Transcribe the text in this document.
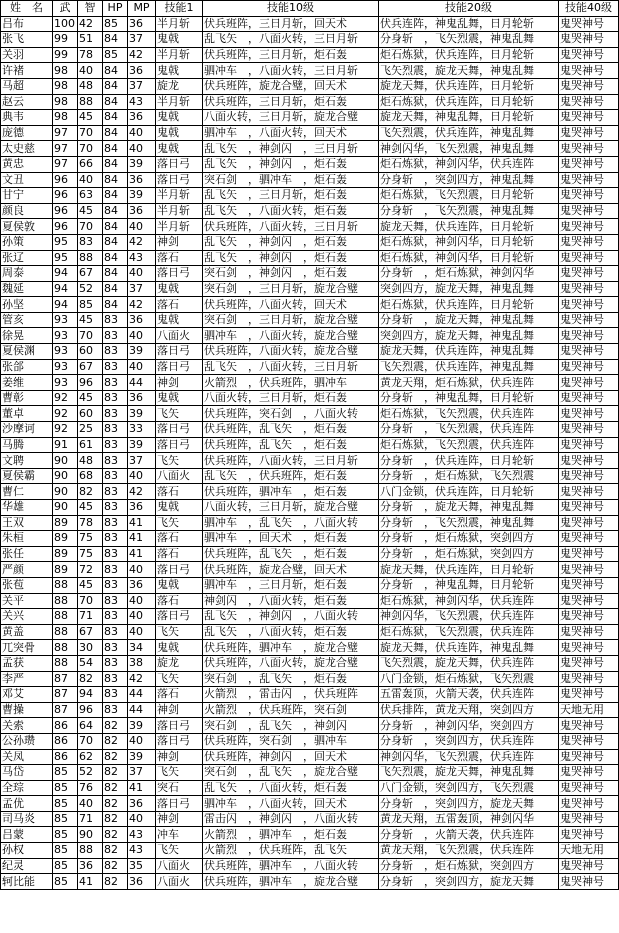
姓　名	武	智	HP	MP	技能1	技能10级	技能20级	技能40级
吕布	100	42	85	36	半月斩	伏兵班阵，三日月斩，回天术	伏兵连阵，神鬼乱舞，日月轮斩	鬼哭神号
张飞	99	51	84	37	鬼戟	乱飞矢　，八面火转，三日月斩	分身斩　，飞矢烈震，神鬼乱舞	鬼哭神号
关羽	99	78	85	42	半月斩	伏兵班阵，三日月斩，炬石轰	炬石炼狱，伏兵连阵，日月轮斩	鬼哭神号
许褚	98	40	84	36	鬼戟	驷冲车　，八面火转，三日月斩	飞矢烈震，旋龙天舞，神鬼乱舞	鬼哭神号
马超	98	48	84	37	旋龙	伏兵班阵，旋龙合璧，回天术	旋龙天舞，伏兵连阵，日月轮斩	鬼哭神号
赵云	98	88	84	43	半月斩	伏兵班阵，三日月斩，炬石轰	炬石炼狱，伏兵连阵，日月轮斩	鬼哭神号
典韦	98	45	84	36	鬼戟	八面火转，三日月斩，旋龙合璧	旋龙天舞，神鬼乱舞，日月轮斩	鬼哭神号
庞德	97	70	84	40	鬼戟	驷冲车　，八面火转，回天术	飞矢烈震，伏兵连阵，神鬼乱舞	鬼哭神号
太史慈	97	70	84	40	鬼戟	乱飞矢　，神剑闪　，三日月斩	神剑闪华，飞矢烈震，神鬼乱舞	鬼哭神号
黄忠	97	66	84	39	落日弓	乱飞矢　，神剑闪　，炬石轰	炬石炼狱，神剑闪华，伏兵连阵	鬼哭神号
文丑	96	40	84	36	落日弓	突石剑　，驷冲车　，炬石轰	分身斩　，突剑四方，神鬼乱舞	鬼哭神号
甘宁	96	63	84	39	半月斩	乱飞矢　，三日月斩，炬石轰	炬石炼狱，飞矢烈震，日月轮斩	鬼哭神号
颜良	96	45	84	36	半月斩	乱飞矢　，八面火转，炬石轰	分身斩　，飞矢烈震，神鬼乱舞	鬼哭神号
夏侯敦	96	70	84	40	半月斩	伏兵班阵，八面火转，三日月斩	旋龙天舞，伏兵连阵，日月轮斩	鬼哭神号
孙策	95	83	84	42	神剑	乱飞矢　，神剑闪　，炬石轰	炬石炼狱，神剑闪华，日月轮斩	鬼哭神号
张辽	95	88	84	43	落石	乱飞矢　，神剑闪　，炬石轰	炬石炼狱，神剑闪华，日月轮斩	鬼哭神号
周泰	94	67	84	40	落日弓	突石剑　，神剑闪　，炬石轰	分身斩　，炬石炼狱，神剑闪华	鬼哭神号
魏延	94	52	84	37	鬼戟	突石剑　，三日月斩，旋龙合璧	突剑四方，旋龙天舞，神鬼乱舞	鬼哭神号
孙坚	94	85	84	42	落石	伏兵班阵，八面火转，回天术	炬石炼狱，伏兵连阵，日月轮斩	鬼哭神号
管亥	93	45	83	36	鬼戟	突石剑　，三日月斩，旋龙合璧	分身斩　，旋龙天舞，神鬼乱舞	鬼哭神号
徐晃	93	70	83	40	八面火	驷冲车　，八面火转，旋龙合璧	突剑四方，旋龙天舞，神鬼乱舞	鬼哭神号
夏侯渊	93	60	83	39	落日弓	伏兵班阵，八面火转，旋龙合璧	旋龙天舞，伏兵连阵，神鬼乱舞	鬼哭神号
张郃	93	67	83	40	落日弓	乱飞矢　，八面火转，三日月斩	飞矢烈震，伏兵连阵，神鬼乱舞	鬼哭神号
姜维	93	96	83	44	神剑	火箭烈　，伏兵班阵，驷冲车	黄龙天翔，炬石炼狱，伏兵连阵	鬼哭神号
曹彰	92	45	83	36	鬼戟	八面火转，三日月斩，炬石轰	分身斩　，神鬼乱舞，日月轮斩	鬼哭神号
董卓	92	60	83	39	飞矢	伏兵班阵，突石剑　，八面火转	炬石炼狱，飞矢烈震，伏兵连阵	鬼哭神号
沙摩诃	92	25	83	33	落日弓	伏兵班阵，乱飞矢　，炬石轰	分身斩　，飞矢烈震，伏兵连阵	鬼哭神号
马腾	91	61	83	39	落日弓	伏兵班阵，乱飞矢　，炬石轰	炬石炼狱，飞矢烈震，伏兵连阵	鬼哭神号
文聘	90	48	83	37	飞矢	伏兵班阵，八面火转，三日月斩	分身斩　，伏兵连阵，日月轮斩	鬼哭神号
夏侯霸	90	68	83	40	八面火	乱飞矢　，伏兵班阵，炬石轰	分身斩　，炬石炼狱，飞矢烈震	鬼哭神号
曹仁	90	82	83	42	落石	伏兵班阵，驷冲车　，炬石轰	八门金锁，伏兵连阵，日月轮斩	鬼哭神号
华雄	90	45	83	36	鬼戟	八面火转，三日月斩，旋龙合璧	分身斩　，旋龙天舞，神鬼乱舞	鬼哭神号
王双	89	78	83	41	飞矢	驷冲车　，乱飞矢　，八面火转	分身斩　，飞矢烈震，神鬼乱舞	鬼哭神号
朱桓	89	75	83	41	落石	驷冲车　，回天术　，炬石轰	分身斩　，炬石炼狱，突剑四方	鬼哭神号
张任	89	75	83	41	落石	伏兵班阵，乱飞矢　，炬石轰	分身斩　，炬石炼狱，突剑四方	鬼哭神号
严颜	89	72	83	40	落日弓	伏兵班阵，旋龙合璧，回天术	旋龙天舞，伏兵连阵，日月轮斩	鬼哭神号
张苞	88	45	83	36	鬼戟	驷冲车　，三日月斩，炬石轰	分身斩　，神鬼乱舞，日月轮斩	鬼哭神号
关平	88	70	83	40	落石	神剑闪　，八面火转，炬石轰	炬石炼狱，神剑闪华，伏兵连阵	鬼哭神号
关兴	88	71	83	40	落日弓	乱飞矢　，神剑闪　，八面火转	神剑闪华，飞矢烈震，伏兵连阵	鬼哭神号
黄盖	88	67	83	40	飞矢	乱飞矢　，八面火转，炬石轰	炬石炼狱，飞矢烈震，伏兵连阵	鬼哭神号
兀突骨	88	30	83	34	鬼戟	伏兵班阵，驷冲车　，旋龙合璧	旋龙天舞，伏兵连阵，神鬼乱舞	鬼哭神号
孟获	88	54	83	38	旋龙	伏兵班阵，八面火转，旋龙合璧	飞矢烈震，旋龙天舞，伏兵连阵	鬼哭神号
李严	87	82	83	42	飞矢	突石剑　，乱飞矢　，炬石轰	八门金锁，炬石炼狱，飞矢烈震	鬼哭神号
邓艾	87	94	83	44	落石	火箭烈　，雷击闪　，伏兵班阵	五雷轰顶，火箭天袭，伏兵连阵	鬼哭神号
曹操	87	96	83	44	神剑	火箭烈　，伏兵班阵，突石剑	伏兵排阵，黄龙天翔，突剑四方	天地无用
关索	86	64	82	39	落日弓	突石剑　，乱飞矢　，神剑闪	分身斩　，神剑闪华，突剑四方	鬼哭神号
公孙瓒	86	70	82	40	落日弓	伏兵班阵，突石剑　，驷冲车	分身斩　，突剑四方，伏兵连阵	鬼哭神号
关凤	86	62	82	39	神剑	伏兵班阵，神剑闪　，回天术	神剑闪华，飞矢烈震，伏兵连阵	鬼哭神号
马岱	85	52	82	37	飞矢	突石剑　，乱飞矢　，旋龙合璧	飞矢烈震，旋龙天舞，神鬼乱舞	鬼哭神号
全琮	85	76	82	41	突石	乱飞矢　，八面火转，炬石轰	八门金锁，突剑四方，飞矢烈震	鬼哭神号
孟优	85	40	82	36	落日弓	驷冲车　，八面火转，回天术	分身斩　，突剑四方，旋龙天舞	鬼哭神号
司马炎	85	71	82	40	神剑	雷击闪　，神剑闪　，八面火转	黄龙天翔，五雷轰顶，神剑闪华	鬼哭神号
吕蒙	85	90	82	43	冲车	火箭烈　，驷冲车　，炬石轰	分身斩　，火箭天袭，伏兵连阵	鬼哭神号
孙权	85	88	82	43	飞矢	火箭烈　，伏兵班阵，乱飞矢	黄龙天翔，飞矢烈震，伏兵连阵	天地无用
纪灵	85	36	82	35	八面火	伏兵班阵，驷冲车　，八面火转	分身斩　，炬石炼狱，突剑四方	鬼哭神号
轲比能	85	41	82	36	八面火	伏兵班阵，驷冲车　，旋龙合璧	分身斩　，突剑四方，旋龙天舞	鬼哭神号
